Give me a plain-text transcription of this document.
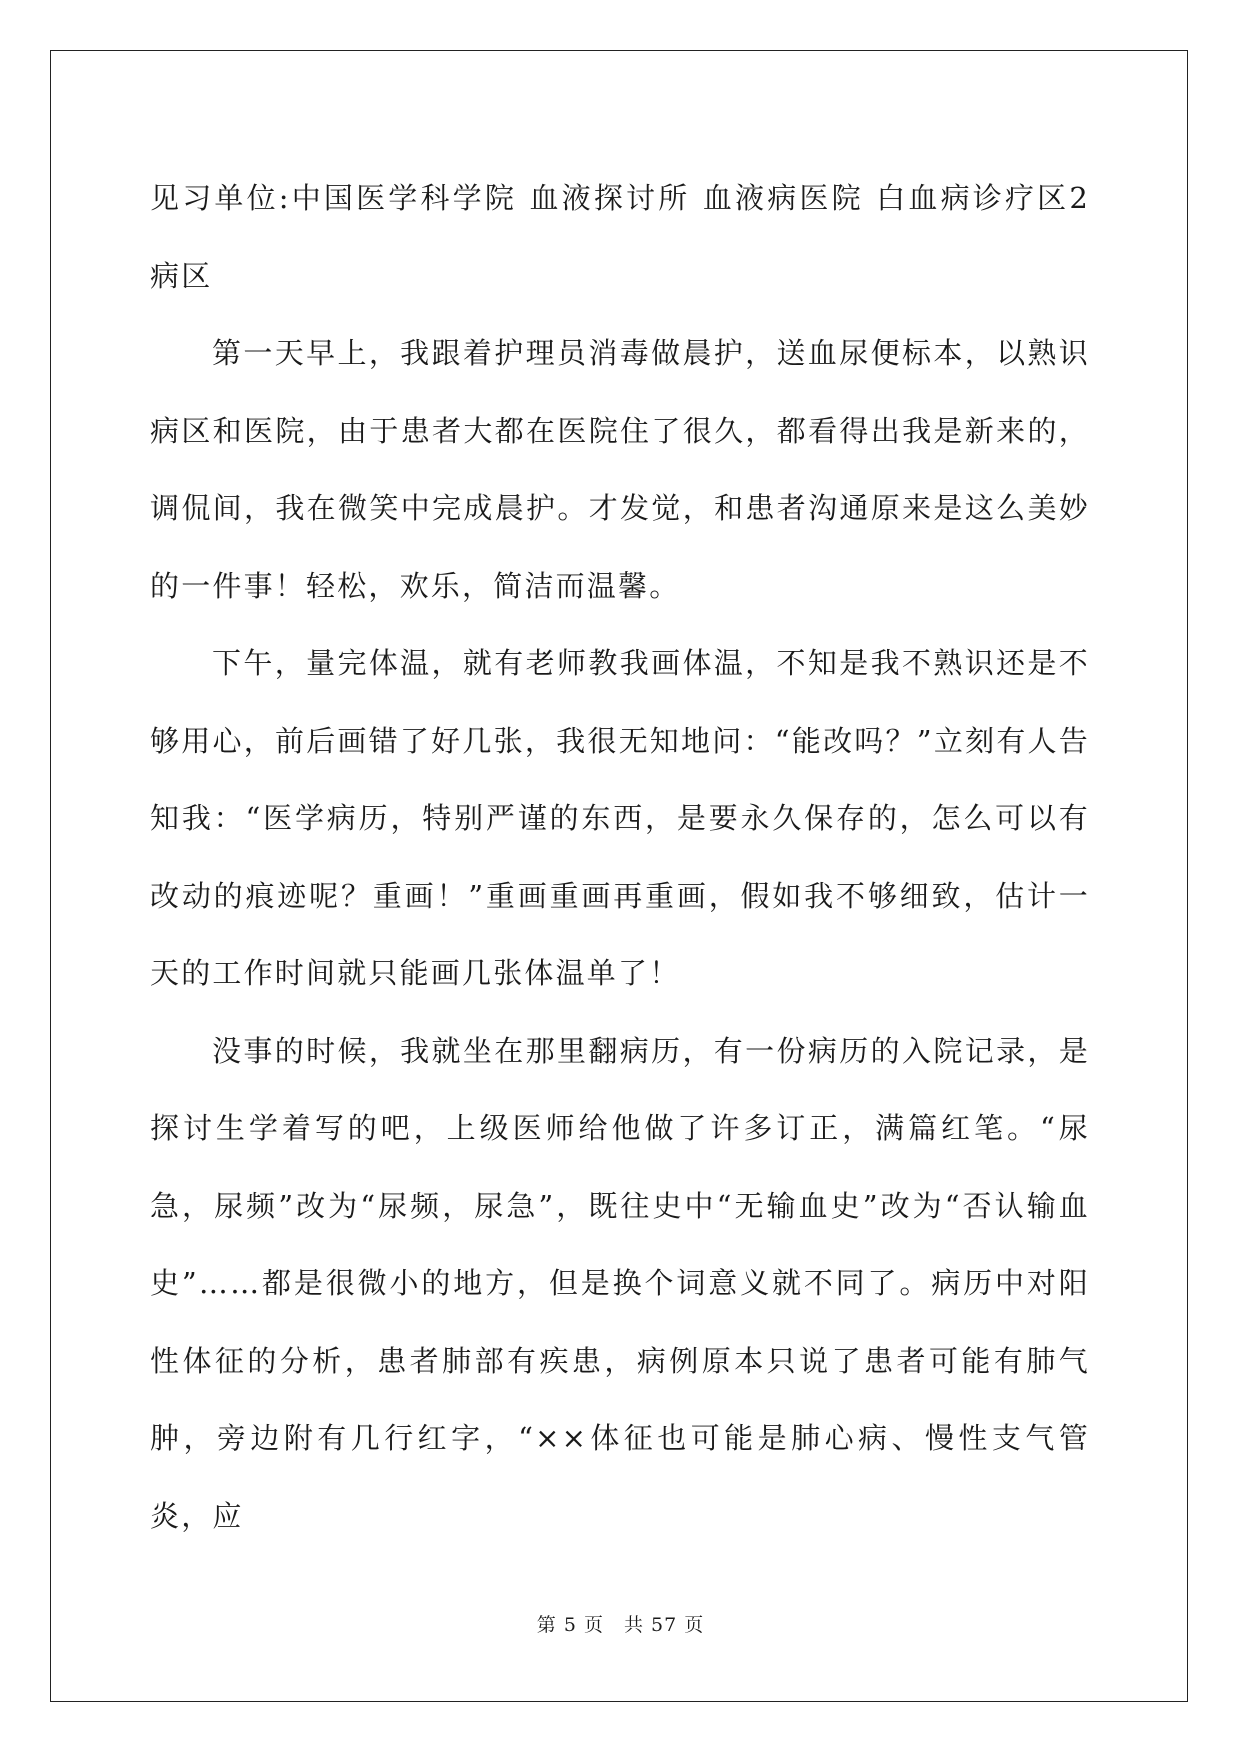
见习单位:中国医学科学院 血液探讨所 血液病医院 白血病诊疗区2病区

第一天早上，我跟着护理员消毒做晨护，送血尿便标本，以熟识病区和医院，由于患者大都在医院住了很久，都看得出我是新来的，调侃间，我在微笑中完成晨护。才发觉，和患者沟通原来是这么美妙的一件事！轻松，欢乐，简洁而温馨。

下午，量完体温，就有老师教我画体温，不知是我不熟识还是不够用心，前后画错了好几张，我很无知地问：“能改吗？”立刻有人告知我：“医学病历，特别严谨的东西，是要永久保存的，怎么可以有改动的痕迹呢？重画！”重画重画再重画，假如我不够细致，估计一天的工作时间就只能画几张体温单了！

没事的时候，我就坐在那里翻病历，有一份病历的入院记录，是探讨生学着写的吧，上级医师给他做了许多订正，满篇红笔。“尿急，尿频”改为“尿频，尿急”，既往史中“无输血史”改为“否认输血史”……都是很微小的地方，但是换个词意义就不同了。病历中对阳性体征的分析，患者肺部有疾患，病例原本只说了患者可能有肺气肿，旁边附有几行红字，“××体征也可能是肺心病、慢性支气管炎，应

第 5 页　共 57 页
